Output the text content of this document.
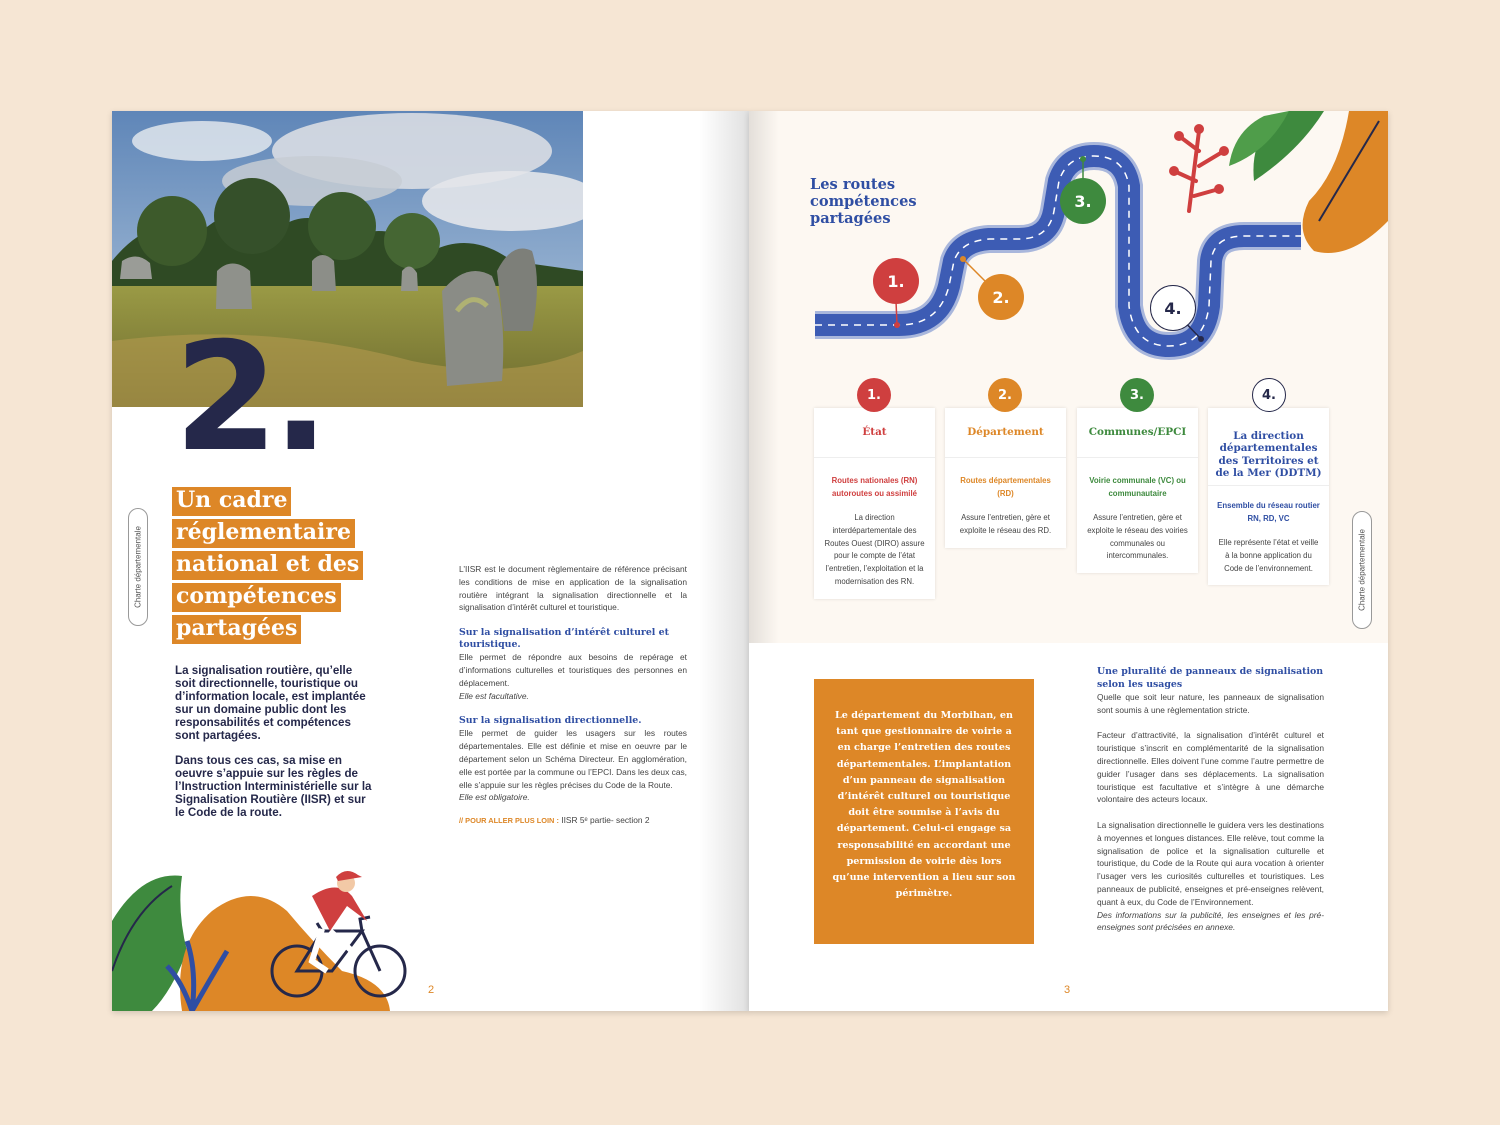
2.
Charte départementale
Un cadre
réglementaire
national et des
compétences
partagées

La signalisation routière, qu’elle soit directionnelle, touristique ou d’information locale, est implantée sur un domaine public dont les responsabilités et compétences sont partagées.

Dans tous ces cas, sa mise en oeuvre s’appuie sur les règles de l’Instruction Interministérielle sur la Signalisation Routière (IISR) et sur le Code de la route.

L’IISR est le document règlementaire de référence précisant les conditions de mise en application de la signalisation routière intégrant la signalisation directionnelle et la signalisation d’intérêt culturel et touristique.

Sur la signalisation d’intérêt culturel et touristique.

Elle permet de répondre aux besoins de repérage et d’informations culturelles et touristiques des personnes en déplacement.

Elle est facultative.

Sur la signalisation directionnelle.

Elle permet de guider les usagers sur les routes départementales. Elle est définie et mise en oeuvre par le département selon un Schéma Directeur. En agglomération, elle est portée par la commune ou l’EPCI. Dans les deux cas, elle s’appuie sur les règles précises du Code de la Route.

Elle est obligatoire.

// POUR ALLER PLUS LOIN : IISR 5ᵉ partie- section 2

2
Les routes compétences partagées
1.
2.
3.
4.
État
Routes nationales (RN) autoroutes ou assimilé
La direction interdépartementale des Routes Ouest (DIRO) assure pour le compte de l’état l’entretien, l’exploitation et la modernisation des RN.
Département
Routes départementales (RD)
Assure l’entretien, gère et exploite le réseau des RD.
Communes/EPCI
Voirie communale (VC) ou communautaire
Assure l’entretien, gère et exploite le réseau des voiries communales ou intercommunales.
La direction départementales des Territoires et de la Mer (DDTM)
Ensemble du réseau routier RN, RD, VC
Elle représente l’état et veille à la bonne application du Code de l’environnement.
1.	2.	3.	4.
Charte départementale
Le département du Morbihan, en tant que gestionnaire de voirie a en charge l’entretien des routes départementales. L’implantation d’un panneau de signalisation d’intérêt culturel ou touristique doit être soumise à l’avis du département. Celui-ci engage sa responsabilité en accordant une permission de voirie dès lors qu’une intervention a lieu sur son périmètre.
Une pluralité de panneaux de signalisation selon les usages

Quelle que soit leur nature, les panneaux de signalisation sont soumis à une règlementation stricte.

Facteur d’attractivité, la signalisation d’intérêt culturel et touristique s’inscrit en complémentarité de la signalisation directionnelle. Elles doivent l’une comme l’autre permettre de guider l’usager dans ses déplacements. La signalisation touristique est facultative et s’intègre à une démarche volontaire des acteurs locaux.

La signalisation directionnelle le guidera vers les destinations à moyennes et longues distances. Elle relève, tout comme la signalisation de police et la signalisation culturelle et touristique, du Code de la Route qui aura vocation à orienter l’usager vers les curiosités culturelles et touristiques. Les panneaux de publicité, enseignes et pré-enseignes relèvent, quant à eux, du Code de l’Environnement.

Des informations sur la publicité, les enseignes et les pré-enseignes sont précisées en annexe.

3
